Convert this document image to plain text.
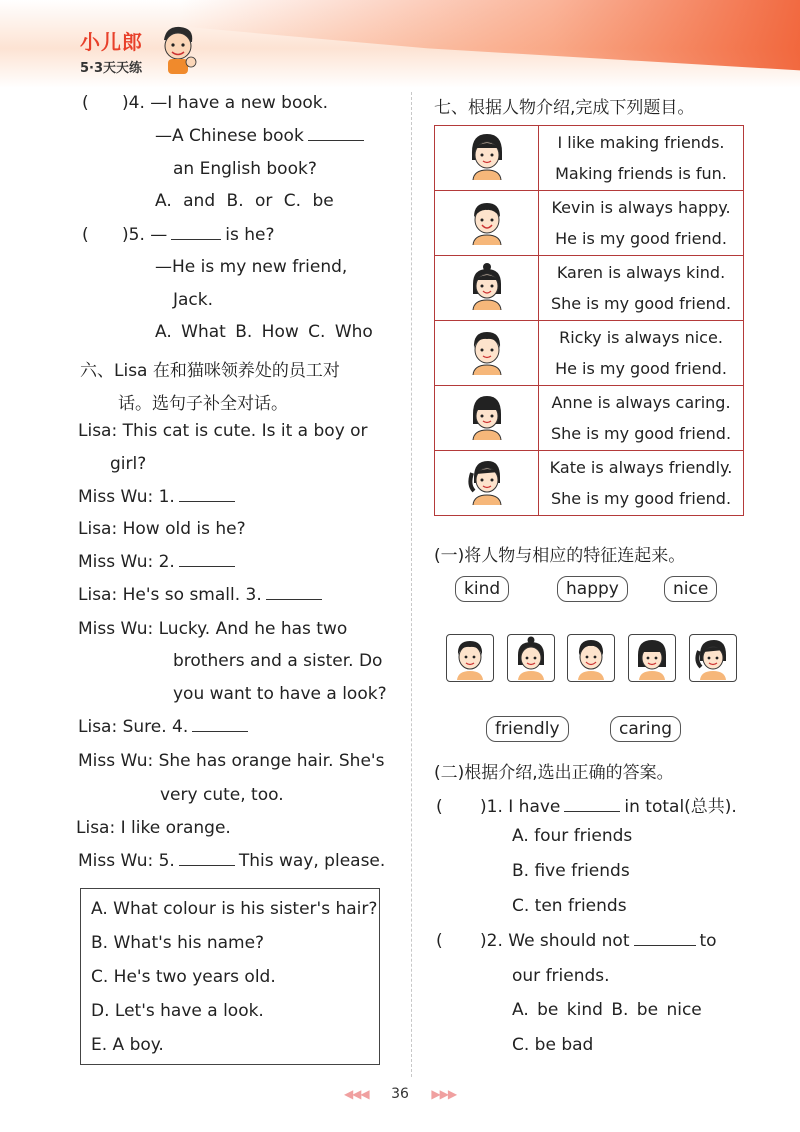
小儿郎
5·3天天练
( )4. —I have a new book.
—A Chinese book
an English book?
A. and B. or C. be
( )5. —	is he?
—He is my new friend,
Jack.
A. What B. How C. Who
六、Lisa 在和猫咪领养处的员工对
话。选句子补全对话。
Lisa: This cat is cute. Is it a boy or
girl?
Miss Wu: 1.
Lisa: How old is he?
Miss Wu: 2.
Lisa: He's so small. 3.
Miss Wu: Lucky. And he has two
brothers and a sister. Do
you want to have a look?
Lisa: Sure. 4.
Miss Wu: She has orange hair. She's
very cute, too.
Lisa: I like orange.
Miss Wu: 5.	This way, please.
A. What colour is his sister's hair?
B. What's his name?
C. He's two years old.
D. Let's have a look.
E. A boy.
七、根据人物介绍,完成下列题目。

I like making friends.
Making friends is fun.

Kevin is always happy.
He is my good friend.

Karen is always kind.
She is my good friend.

Ricky is always nice.
He is my good friend.

Anne is always caring.
She is my good friend.

Kate is always friendly.
She is my good friend.
(一)将人物与相应的特征连起来。
kind	happy	nice
friendly	caring
(二)根据介绍,选出正确的答案。
( )1. I have	in total(总共).
A. four friends
B. five friends
C. ten friends
( )2. We should not	to
our friends.
A. be kind B. be nice
C. be bad
◀◀◀ 36 ▶▶▶
